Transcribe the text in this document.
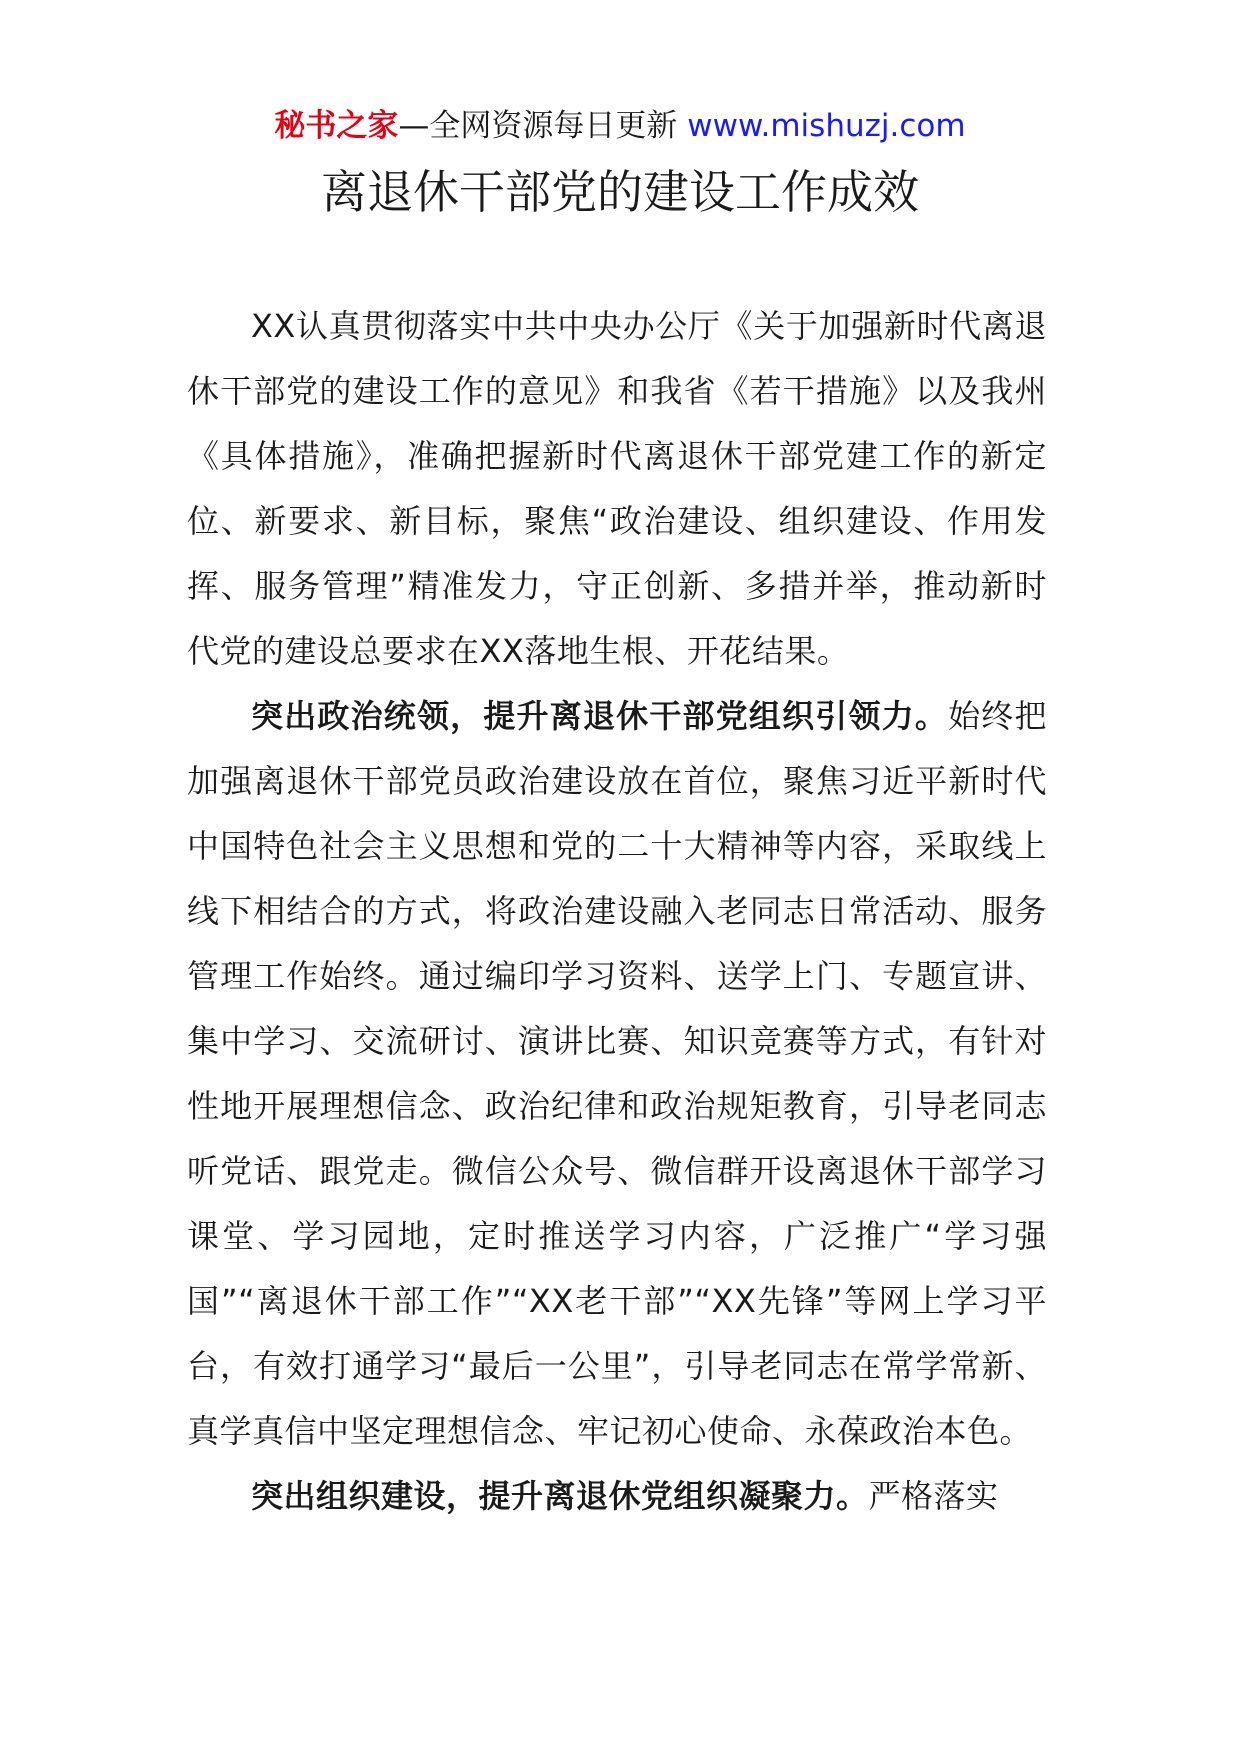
秘书之家—全网资源每日更新 www.mishuzj.com
离退休干部党的建设工作成效

XX认真贯彻落实中共中央办公厅《关于加强新时代离退休干部党的建设工作的意见》和我省《若干措施》以及我州《具体措施》，准确把握新时代离退休干部党建工作的新定位、新要求、新目标，聚焦“政治建设、组织建设、作用发挥、服务管理”精准发力，守正创新、多措并举，推动新时代党的建设总要求在XX落地生根、开花结果。

突出政治统领，提升离退休干部党组织引领力。始终把加强离退休干部党员政治建设放在首位，聚焦习近平新时代中国特色社会主义思想和党的二十大精神等内容，采取线上线下相结合的方式，将政治建设融入老同志日常活动、服务管理工作始终。通过编印学习资料、送学上门、专题宣讲、集中学习、交流研讨、演讲比赛、知识竞赛等方式，有针对性地开展理想信念、政治纪律和政治规矩教育，引导老同志听党话、跟党走。微信公众号、微信群开设离退休干部学习课堂、学习园地，定时推送学习内容，广泛推广“学习强国”“离退休干部工作”“XX老干部”“XX先锋”等网上学习平台，有效打通学习“最后一公里”，引导老同志在常学常新、真学真信中坚定理想信念、牢记初心使命、永葆政治本色。

突出组织建设，提升离退休党组织凝聚力。严格落实
